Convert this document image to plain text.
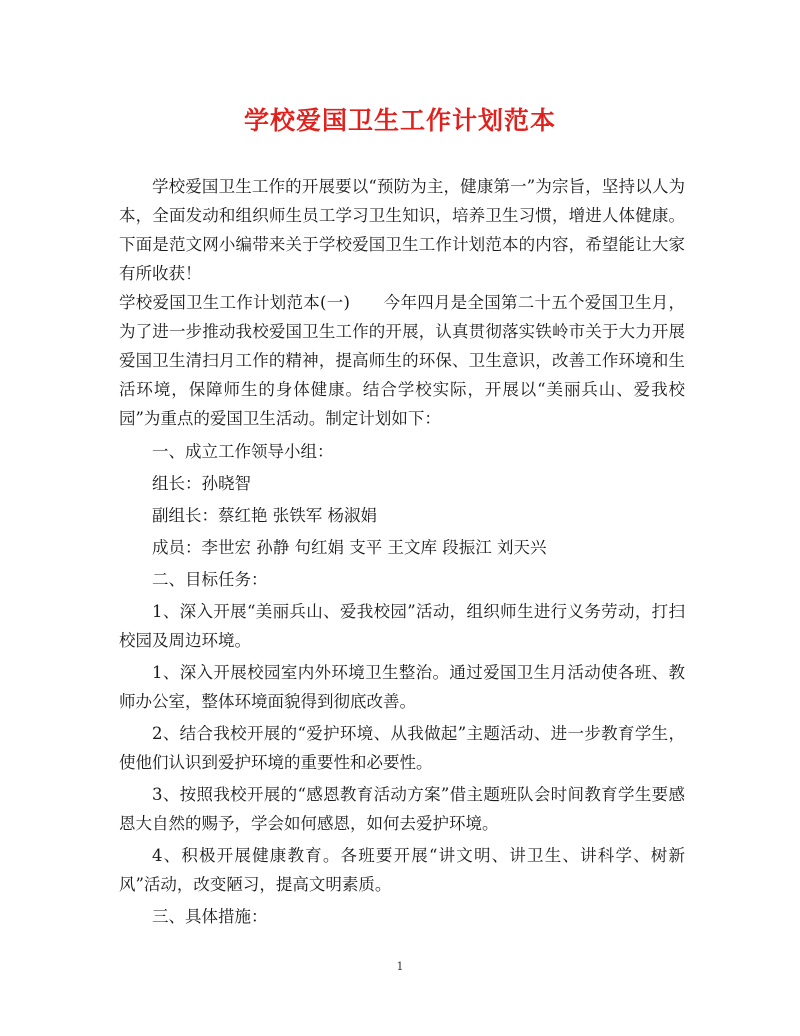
学校爱国卫生工作计划范本

学校爱国卫生工作的开展要以“预防为主，健康第一”为宗旨，坚持以人为本，全面发动和组织师生员工学习卫生知识，培养卫生习惯，增进人体健康。下面是范文网小编带来关于学校爱国卫生工作计划范本的内容，希望能让大家有所收获！

学校爱国卫生工作计划范本(一)　　今年四月是全国第二十五个爱国卫生月，为了进一步推动我校爱国卫生工作的开展，认真贯彻落实铁岭市关于大力开展爱国卫生清扫月工作的精神，提高师生的环保、卫生意识，改善工作环境和生活环境，保障师生的身体健康。结合学校实际，开展以“美丽兵山、爱我校园”为重点的爱国卫生活动。制定计划如下：

一、成立工作领导小组：

组长：孙晓智

副组长：蔡红艳 张铁军 杨淑娟

成员：李世宏 孙静 句红娟 支平 王文库 段振江 刘天兴

二、目标任务：

1、深入开展“美丽兵山、爱我校园”活动，组织师生进行义务劳动，打扫校园及周边环境。

1、深入开展校园室内外环境卫生整治。通过爱国卫生月活动使各班、教师办公室，整体环境面貌得到彻底改善。

2、结合我校开展的“爱护环境、从我做起”主题活动、进一步教育学生，使他们认识到爱护环境的重要性和必要性。

3、按照我校开展的“感恩教育活动方案”借主题班队会时间教育学生要感恩大自然的赐予，学会如何感恩，如何去爱护环境。

4、积极开展健康教育。各班要开展“讲文明、讲卫生、讲科学、树新风”活动，改变陋习，提高文明素质。

三、具体措施：

1
